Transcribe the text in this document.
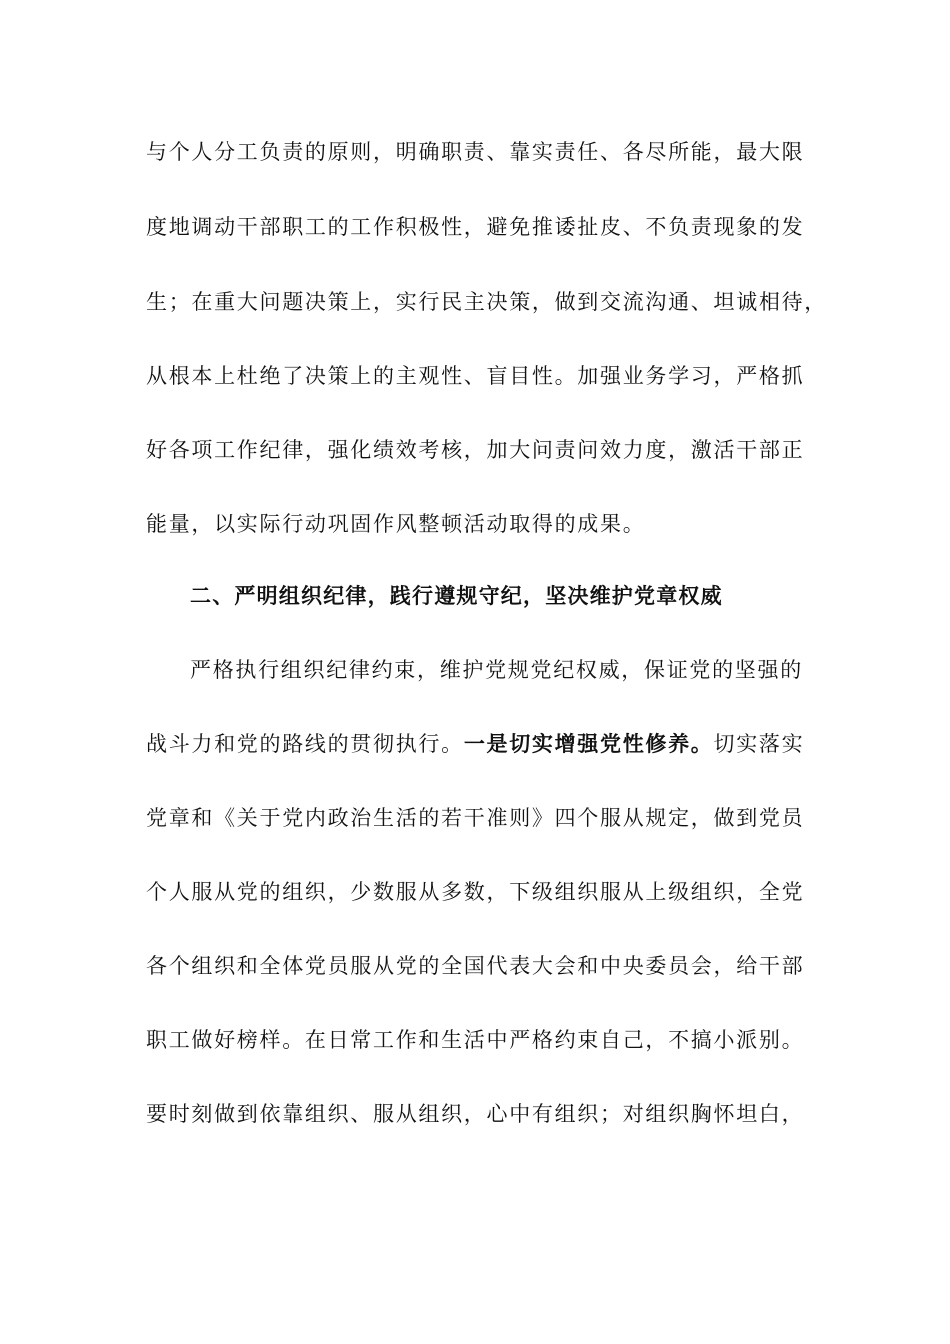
与个人分工负责的原则，明确职责、靠实责任、各尽所能，最大限
度地调动干部职工的工作积极性，避免推诿扯皮、不负责现象的发
生；在重大问题决策上，实行民主决策，做到交流沟通、坦诚相待，
从根本上杜绝了决策上的主观性、盲目性。加强业务学习，严格抓
好各项工作纪律，强化绩效考核，加大问责问效力度，激活干部正
能量，以实际行动巩固作风整顿活动取得的成果。
二、严明组织纪律，践行遵规守纪，坚决维护党章权威
严格执行组织纪律约束，维护党规党纪权威，保证党的坚强的
战斗力和党的路线的贯彻执行。一是切实增强党性修养。切实落实
党章和《关于党内政治生活的若干准则》四个服从规定，做到党员
个人服从党的组织，少数服从多数，下级组织服从上级组织，全党
各个组织和全体党员服从党的全国代表大会和中央委员会，给干部
职工做好榜样。在日常工作和生活中严格约束自己，不搞小派别。
要时刻做到依靠组织、服从组织，心中有组织；对组织胸怀坦白，
